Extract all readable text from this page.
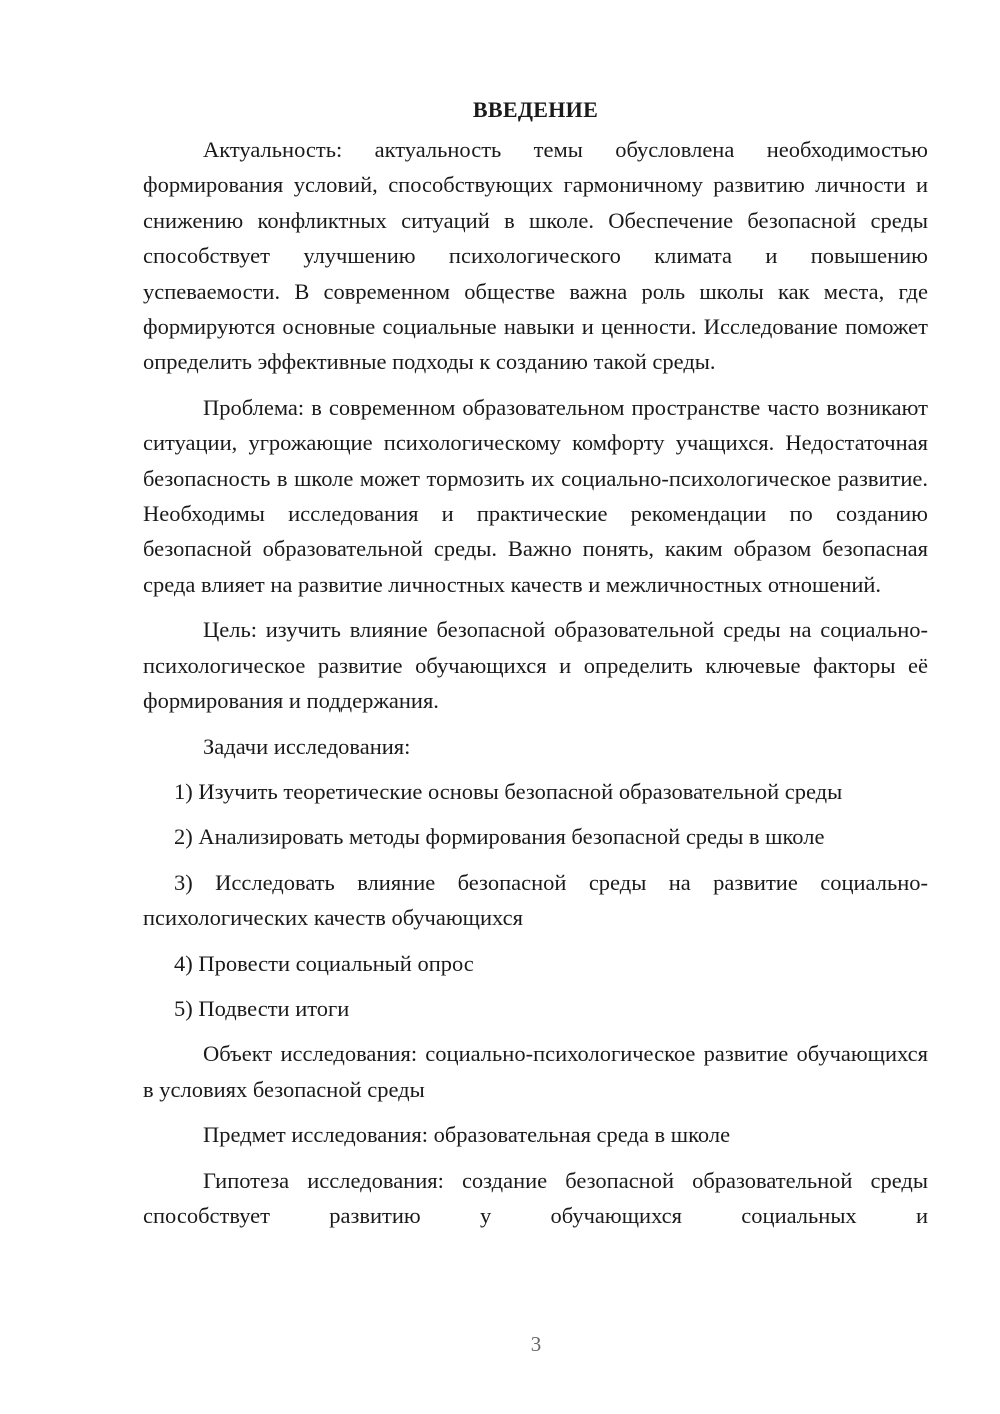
ВВЕДЕНИЕ

Актуальность: актуальность темы обусловлена необходимостью формирования условий, способствующих гармоничному развитию личности и снижению конфликтных ситуаций в школе. Обеспечение безопасной среды способствует улучшению психологического климата и повышению успеваемости. В современном обществе важна роль школы как места, где формируются основные социальные навыки и ценности. Исследование поможет определить эффективные подходы к созданию такой среды.

Проблема: в современном образовательном пространстве часто возникают ситуации, угрожающие психологическому комфорту учащихся. Недостаточная безопасность в школе может тормозить их социально-психологическое развитие. Необходимы исследования и практические рекомендации по созданию безопасной образовательной среды. Важно понять, каким образом безопасная среда влияет на развитие личностных качеств и межличностных отношений.

Цель: изучить влияние безопасной образовательной среды на социально-психологическое развитие обучающихся и определить ключевые факторы её формирования и поддержания.

Задачи исследования:

1) Изучить теоретические основы безопасной образовательной среды

2) Анализировать методы формирования безопасной среды в школе

3) Исследовать влияние безопасной среды на развитие социально-психологических качеств обучающихся

4) Провести социальный опрос

5) Подвести итоги

Объект исследования: социально-психологическое развитие обучающихся в условиях безопасной среды

Предмет исследования: образовательная среда в школе

Гипотеза исследования: создание безопасной образовательной среды способствует развитию у обучающихся социальных и

3
